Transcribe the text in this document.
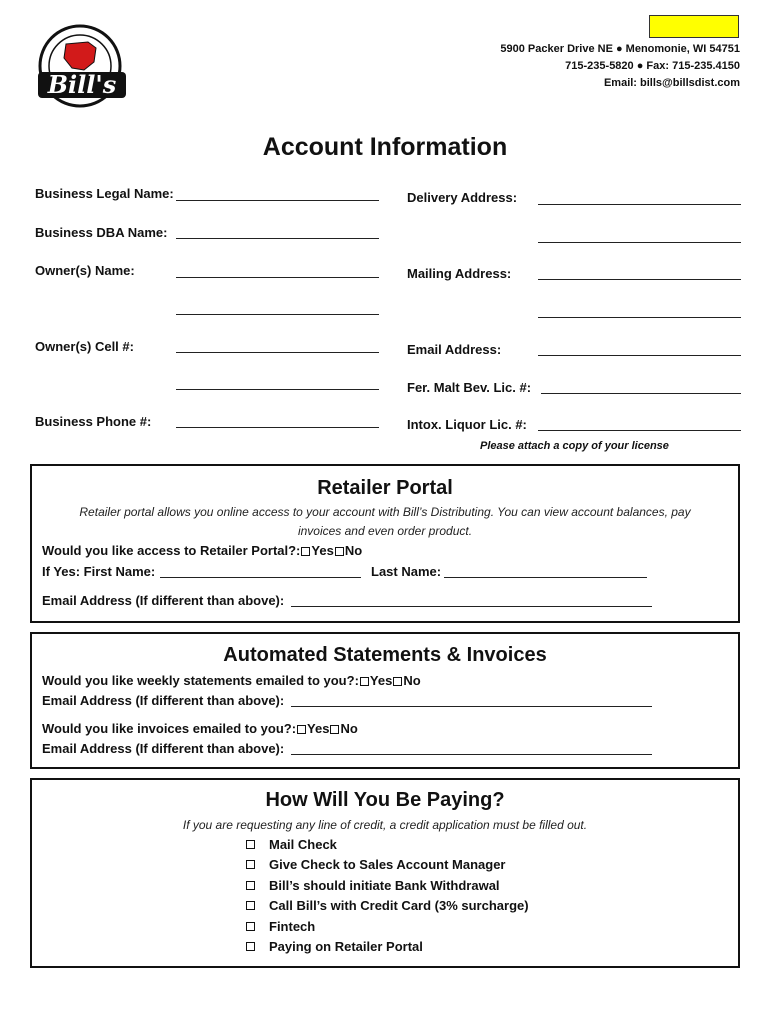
Bill's
5900 Packer Drive NE ● Menomonie, WI 54751
715-235-5820 ● Fax: 715-235.4150
Email: bills@billsdist.com
Account Information
Business Legal Name:
Business DBA Name:
Owner(s) Name:
Owner(s) Cell #:
Business Phone #:
Delivery Address:
Mailing Address:
Email Address:
Fer. Malt Bev. Lic. #:
Intox. Liquor Lic. #:
Please attach a copy of your license
Retailer Portal
Retailer portal allows you online access to your account with Bill’s Distributing. You can view account balances, pay
invoices and even order product.
Would you like access to Retailer Portal?: Yes No
If Yes: First Name:	Last Name:
Email Address (If different than above):
Automated Statements & Invoices
Would you like weekly statements emailed to you?: Yes No
Email Address (If different than above):
Would you like invoices emailed to you?: Yes No
Email Address (If different than above):
How Will You Be Paying?
If you are requesting any line of credit, a credit application must be filled out.
Mail Check
Give Check to Sales Account Manager
Bill’s should initiate Bank Withdrawal
Call Bill’s with Credit Card (3% surcharge)
Fintech
Paying on Retailer Portal
